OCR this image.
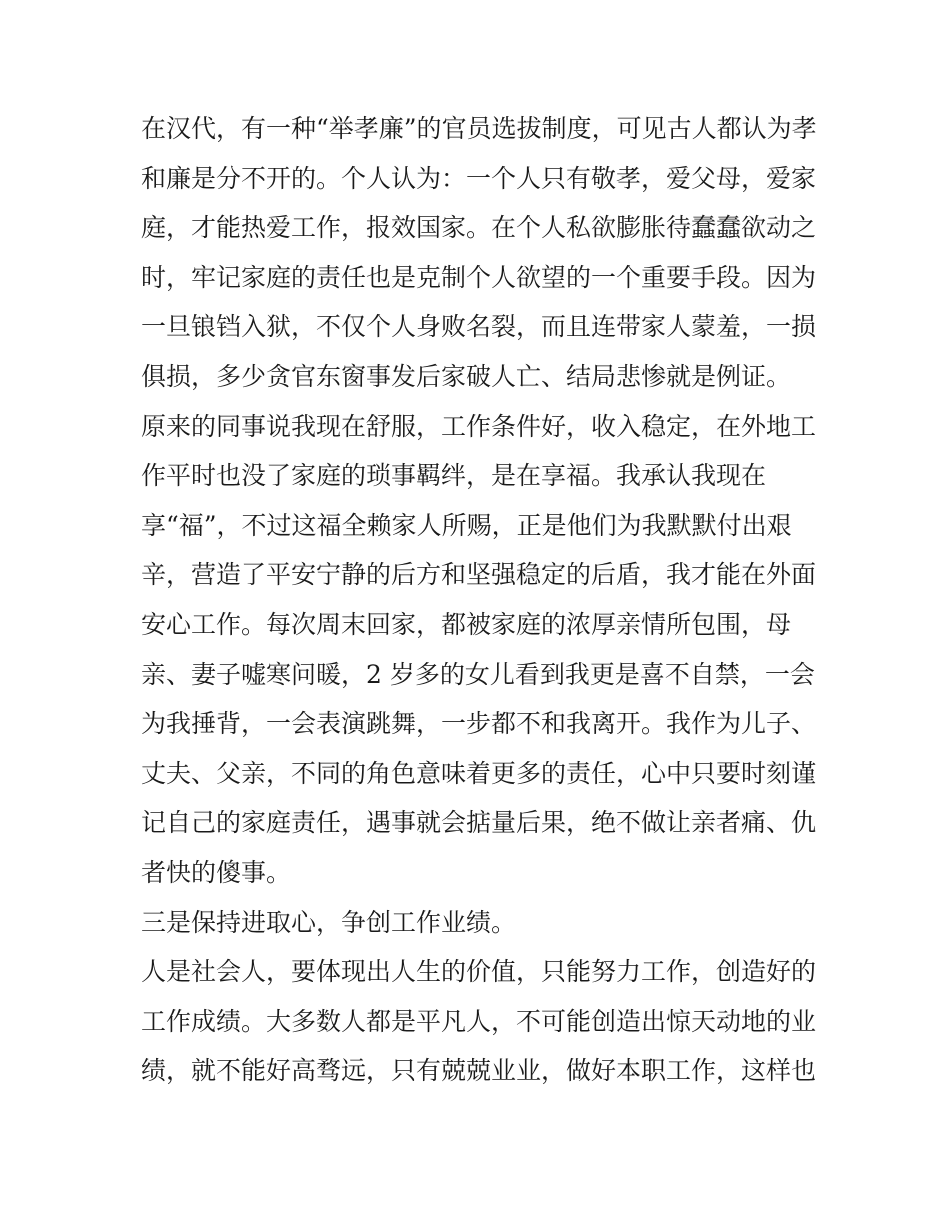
在汉代，有一种“举孝廉”的官员选拔制度，可见古人都认为孝
和廉是分不开的。个人认为：一个人只有敬孝，爱父母，爱家
庭，才能热爱工作，报效国家。在个人私欲膨胀待蠢蠢欲动之
时，牢记家庭的责任也是克制个人欲望的一个重要手段。因为
一旦锒铛入狱，不仅个人身败名裂，而且连带家人蒙羞，一损
俱损，多少贪官东窗事发后家破人亡、结局悲惨就是例证。
原来的同事说我现在舒服，工作条件好，收入稳定，在外地工
作平时也没了家庭的琐事羁绊，是在享福。我承认我现在
享“福”，不过这福全赖家人所赐，正是他们为我默默付出艰
辛，营造了平安宁静的后方和坚强稳定的后盾，我才能在外面
安心工作。每次周末回家，都被家庭的浓厚亲情所包围，母
亲、妻子嘘寒问暖，2 岁多的女儿看到我更是喜不自禁，一会
为我捶背，一会表演跳舞，一步都不和我离开。我作为儿子、
丈夫、父亲，不同的角色意味着更多的责任，心中只要时刻谨
记自己的家庭责任，遇事就会掂量后果，绝不做让亲者痛、仇
者快的傻事。
三是保持进取心，争创工作业绩。
人是社会人，要体现出人生的价值，只能努力工作，创造好的
工作成绩。大多数人都是平凡人，不可能创造出惊天动地的业
绩，就不能好高骛远，只有兢兢业业，做好本职工作，这样也
